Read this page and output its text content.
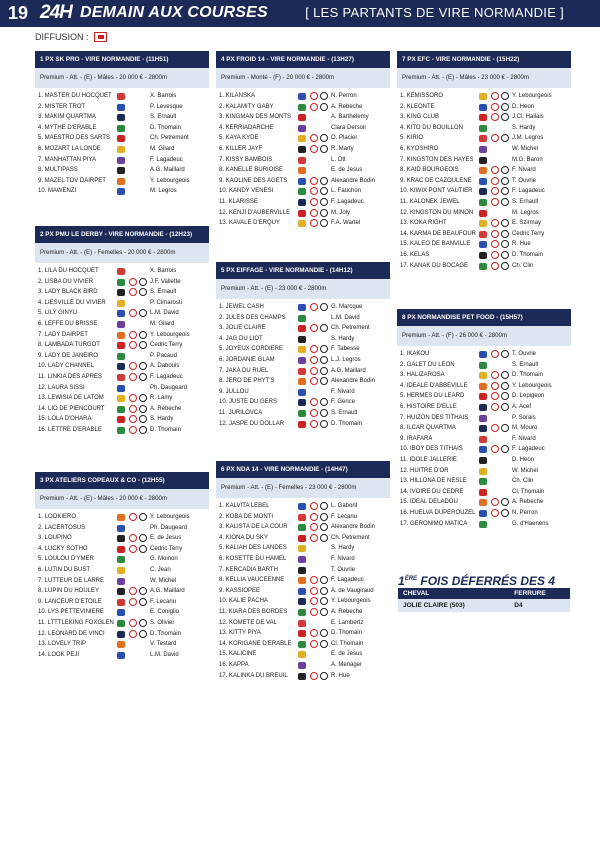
19 24H DEMAIN AUX COURSES	[ LES PARTANTS DE VIRE NORMANDIE ]
DIFFUSION :
1 PX SK PRO - VIRE NORMANDIE - (11H51)
Premium - Att. - (E) - Mâles - 20 000 € - 2800m
1. MASTER DU HOCQUET	X. Barrois
2. MISTER TROT	P. Levesque
3. MAKIM QUARTMA	S. Ernault
4. MYTHE D'ERABLE	D. Thomain
5. MAESTRO DES SARTS	Ch. Petrement
6. MOZART LA LONDE	M. Gilard
7. MANHATTAN PIYA	F. Lagadeuc
8. MULTIPASS	A.G. Maillard
9. MAZEL TOV DAIRPET	Y. Lebourgeois
10. MAWENZI	M. Legros
2 PX PMU LE DERBY - VIRE NORMANDIE - (12H23)
Premium - Att. - (E) - Femelles - 20 000 € - 2800m
1. LILA DU HOCQUET	X. Barrois
2. LISBA DU VIVIER	J.F. Vallette
3. LADY BLACK BIRD	S. Ernault
4. LIESVILLE DU VIVIER	P. Cimarosti
5. LILY GINYU	L.M. David
6. LEFFE DU BRISSE	M. Gilard
7. LADY DAIRPET	Y. Lebourgeois
8. LAMBADA TURGOT	Cedric Terry
9. LADY DE JANEIRO	P. Pacaud
10. LADY CHANNEL	A. Dabouis
11. LINKIA DES APRES	F. Lagadeuc
12. LAURA SISSI	Ph. Daugeard
13. LEWISIA DE LATOM	R. Lamy
14. LIO DE PIENCOURT	A. Rebeche
15. LOLA D'OHARA	S. Hardy
16. LETTRE D'ERABLE	D. Thomain
3 PX ATELIERS COPEAUX & CO - (12H55)
Premium - Att. - (E) - Mâles - 20 000 € - 2800m
1. LOOKIERO	Y. Lebourgeois
2. LACERTOSUS	Ph. Daugeard
3. LOUPINO	E. de Jesus
4. LUCKY SOTHO	Cedric Terry
5. LOULOU D'YMER	G. Moinon
6. LUTIN DU BUST	C. Jean
7. LUTTEUR DE LARRE	W. Michel
8. LUPIN DU HOULEY	A.G. Maillard
9. LANCEUR D'ETOILE	F. Lecanu
10. LYS PETTEVINIERE	E. Coniglio
11. LTTTLEKING FOXGLEN	S. Olivier
12. LEONARD DE VINCI	D. Thomain
13. LOVELY TRIP	V. Testard
14. LOOK PEJI	L.M. David
4 PX FROID 14 - VIRE NORMANDIE - (13H27)
Premium - Monté - (F) - 20 000 € - 2800m
1. KILANSKA	N. Perron
2. KALAMITY GABY	A. Rebeche
3. KINGMAN DES MONTS	A. Barthelemy
4. KERRIADARCHE	Clara Dersoir
5. KAYA KYDE	O. Placier
6. KILLER JAYF	R. Marty
7. KISSY BAMBOIS	L. Ott
8. KANELLE BURIOISE	E. de Jesus
9. KAOLINE DES AGETS	Alexandre Bodin
10. KANDY VENESI	L. Fauchon
11. KLARISSE	F. Lagadeuc
12. KENJI D'AUBERVILLE	M. Joly
13. KAVALE D'ERQUY	F.A. Wartel
5 PX EIFFAGE - VIRE NORMANDIE - (14H12)
Premium - Att. - (E) - 23 000 € - 2800m
1. JEWEL CASH	G. Marcque
2. JULES DES CHAMPS	L.M. David
3. JOLIE CLAIRE	Ch. Petrement
4. JAG DU LIOT	S. Hardy
5. JOYEUX CORDIERE	F. Tabesse
6. JORDANIE GLAM	L.J. Legros
7. JAKA DU RUEL	A.G. Maillard
8. JERO DE PHYT'S	Alexandre Bodin
9. JULLOU	F. Nivard
10. JUSTE DU GERS	F. Gence
11. JURILOVCA	S. Ernault
12. JASPE DU DOLLAR	D. Thomain
6 PX NDA 14 - VIRE NORMANDIE - (14H47)
Premium - Att. - (E) - Femelles - 23 000 € - 2800m
1. KALVITA LEBEL	L. Gaborit
2. KOBA DE MONTI	F. Lecanu
3. KALISTA DE LA COUR	Alexandre Bodin
4. KIONA DU SKY	Ch. Petrement
5. KALIAH DES LANDES	S. Hardy
6. KOSETTE DU HAMEL	F. Nivard
7. KERCADIA BARTH	T. Ouvrie
8. KELLIA VAUCEENNE	F. Lagadeuc
9. KASSIOPEE	A. de Vaugiraud
10. KALIE PACHA	Y. Lebourgeois
11. KIARA DES BORDES	A. Rebeche
12. KOMETE DE VAL	E. Lambertz
13. KITTY PIYA	D. Thomain
14. KORIGANE D'ERABLE	Cl. Thomain
15. KALICINE	E. de Jesus
16. KAPPA	A. Menager
17. KALINKA DU BREUIL	R. Hue
7 PX EFC - VIRE NORMANDIE - (15H22)
Premium - Att. - (E) - Mâles - 23 000 € - 2800m
1. KEMISSORO	Y. Lebourgeois
2. KLEONTE	D. Heon
3. KING CLUB	J.Cl. Hallais
4. KITO DU BOUILLON	S. Hardy
5. KIRIO	J.M. Legros
6. KYOSHIRO	W. Michel
7. KINGSTON DES HAYES	M.G. Baron
8. KAID BOURGEOIS	F. Nivard
9. KRAC DE CAZOULENE	T. Ouvrie
10. KIWIX PONT VAUTIER	F. Lagadeuc
11. KALONEK JEWEL	S. Ernault
12. KINGSTON DU MINON	M. Legros
13. KOKA RIGHT	E. Szirmay
14. KARMA DE BEAUFOUR	Cedric Terry
15. KALEO DE BANVILLE	R. Hue
16. KELAS	D. Thomain
17. KANAK DU BOCAGE	Ch. Clin
8 PX NORMANDISE PET FOOD - (15H57)
Premium - Att. - (F) - 26 000 € - 2800m
1. IKAKOU	T. Ouvrie
2. GALET DU LEON	S. Ernault
3. HALIZAROSA	D. Thomain
4. IDEALE D'ABBEVILLE	Y. Lebourgeois
5. HERMES DU LEARD	D. Lepigeon
6. HISTOIRE D'ELLE	A. Acef
7. HUIZON DES TITHAIS	P. Sorais
8. ILCAR QUARTMA	M. Mouro
9. IRAFARA	F. Nivard
10. IBOY DES TITHAIS	F. Lagadeuc
11. IDOLE JALLERIE	D. Heon
12. HUITRE D'OR	W. Michel
13. HILLONA DE NESLE	Ch. Clin
14. IVOIRE DU CEDRE	Cl. Thomain
15. IDEAL DELADOU	A. Rebeche
16. HUELVA DUPEROUZEL	N. Perron
17. GERONIMO MATICA	G. d'Haenens
1ÈRE FOIS DÉFERRÉS DES 4
CHEVAL	FERRURE
JOLIE CLAIRE (503)	D4
